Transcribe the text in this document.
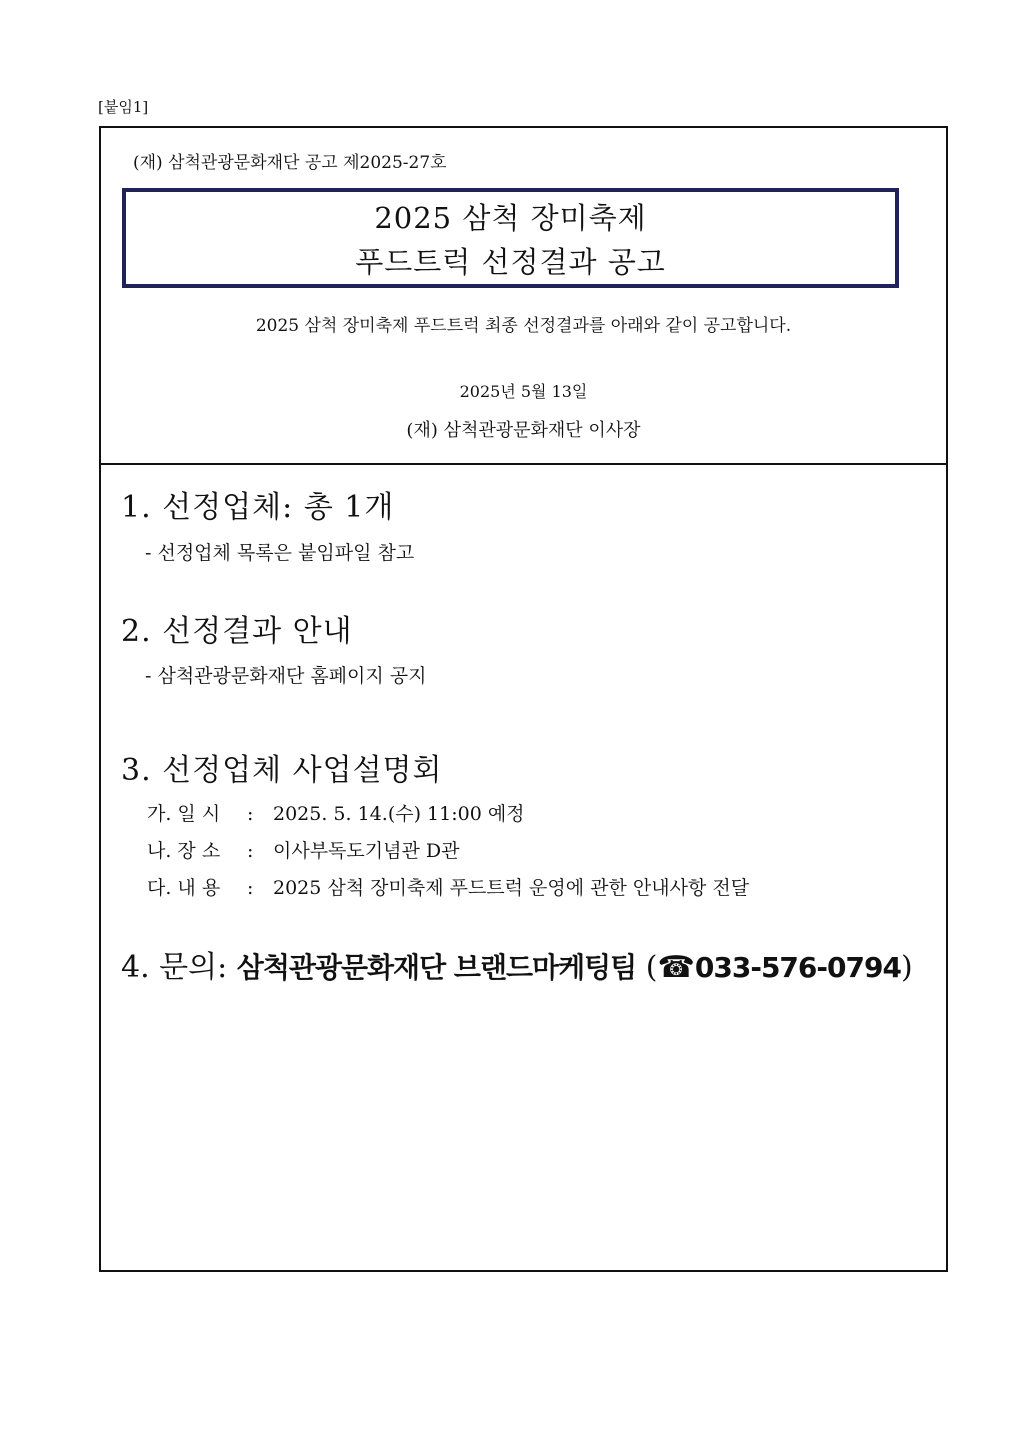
[붙임1]
(재) 삼척관광문화재단 공고 제2025-27호
2025 삼척 장미축제
푸드트럭 선정결과 공고
2025 삼척 장미축제 푸드트럭 최종 선정결과를 아래와 같이 공고합니다.
2025년 5월 13일
(재) 삼척관광문화재단 이사장
1. 선정업체: 총 1개
- 선정업체 목록은 붙임파일 참고
2. 선정결과 안내
- 삼척관광문화재단 홈페이지 공지
3. 선정업체 사업설명회
가. 일 시 : 2025. 5. 14.(수) 11:00 예정
나. 장 소 : 이사부독도기념관 D관
다. 내 용 : 2025 삼척 장미축제 푸드트럭 운영에 관한 안내사항 전달
4. 문의: 삼척관광문화재단 브랜드마케팅팀 (☎033-576-0794)
